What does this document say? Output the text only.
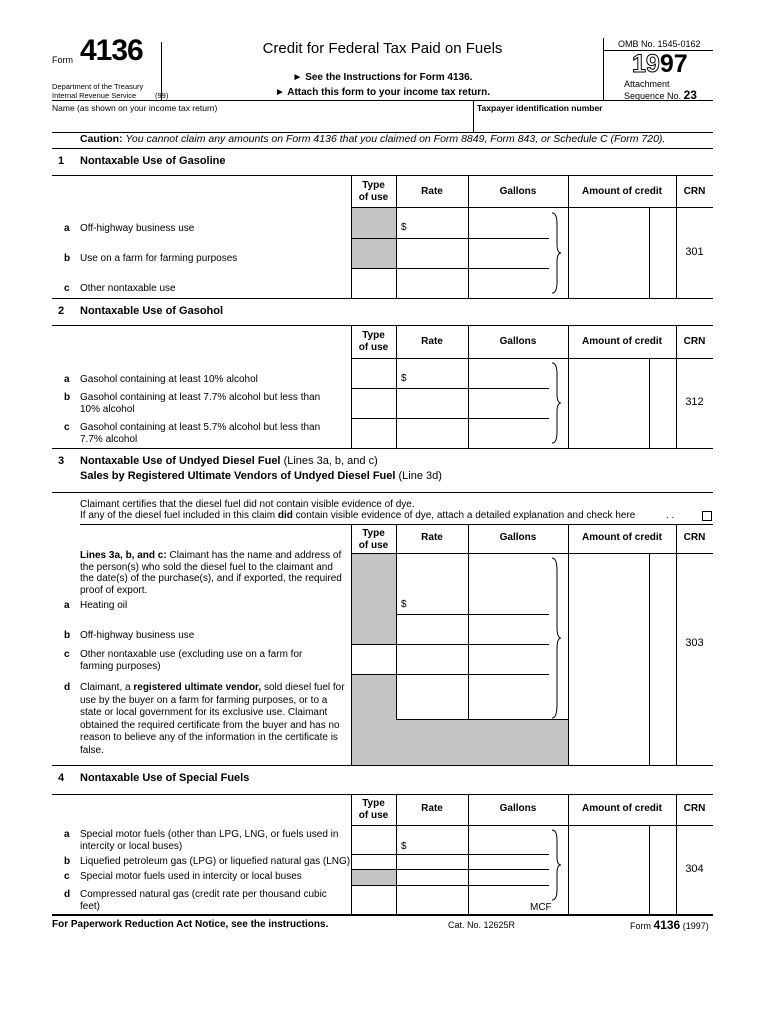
Form 4136
Department of the Treasury
Internal Revenue Service	(99)
Credit for Federal Tax Paid on Fuels
► See the Instructions for Form 4136.
► Attach this form to your income tax return.
OMB No. 1545-0162
1997
Attachment
Sequence No. 23
Name (as shown on your income tax return)	Taxpayer identification number
Caution: You cannot claim any amounts on Form 4136 that you claimed on Form 8849, Form 843, or Schedule C (Form 720).
1 Nontaxable Use of Gasoline
Type
of use
Rate	Gallons	Amount of credit	CRN
a Off-highway business use
b Use on a farm for farming purposes
c Other nontaxable use
$
301
2 Nontaxable Use of Gasohol
Type
of use
Rate	Gallons	Amount of credit	CRN
a Gasohol containing at least 10% alcohol
b Gasohol containing at least 7.7% alcohol but less than 10% alcohol
c Gasohol containing at least 5.7% alcohol but less than 7.7% alcohol
$
312
3 Nontaxable Use of Undyed Diesel Fuel (Lines 3a, b, and c)
Sales by Registered Ultimate Vendors of Undyed Diesel Fuel (Line 3d)
Claimant certifies that the diesel fuel did not contain visible evidence of dye.
If any of the diesel fuel included in this claim did contain visible evidence of dye, attach a detailed explanation and check here	. .
Type
of use
Rate	Gallons	Amount of credit	CRN
Lines 3a, b, and c: Claimant has the name and address of the person(s) who sold the diesel fuel to the claimant and the date(s) of the purchase(s), and if exported, the required proof of export.
a Heating oil
b Off-highway business use
c Other nontaxable use (excluding use on a farm for farming purposes)
d Claimant, a registered ultimate vendor, sold diesel fuel for use by the buyer on a farm for farming purposes, or to a state or local government for its exclusive use. Claimant obtained the required certificate from the buyer and has no reason to believe any of the information in the certificate is false.
$
303
4 Nontaxable Use of Special Fuels
Type
of use
Rate	Gallons	Amount of credit	CRN
a Special motor fuels (other than LPG, LNG, or fuels used in intercity or local buses)
b Liquefied petroleum gas (LPG) or liquefied natural gas (LNG)
c Special motor fuels used in intercity or local buses
d Compressed natural gas (credit rate per thousand cubic feet)
$
MCF
304
For Paperwork Reduction Act Notice, see the instructions.	Cat. No. 12625R	Form 4136 (1997)
